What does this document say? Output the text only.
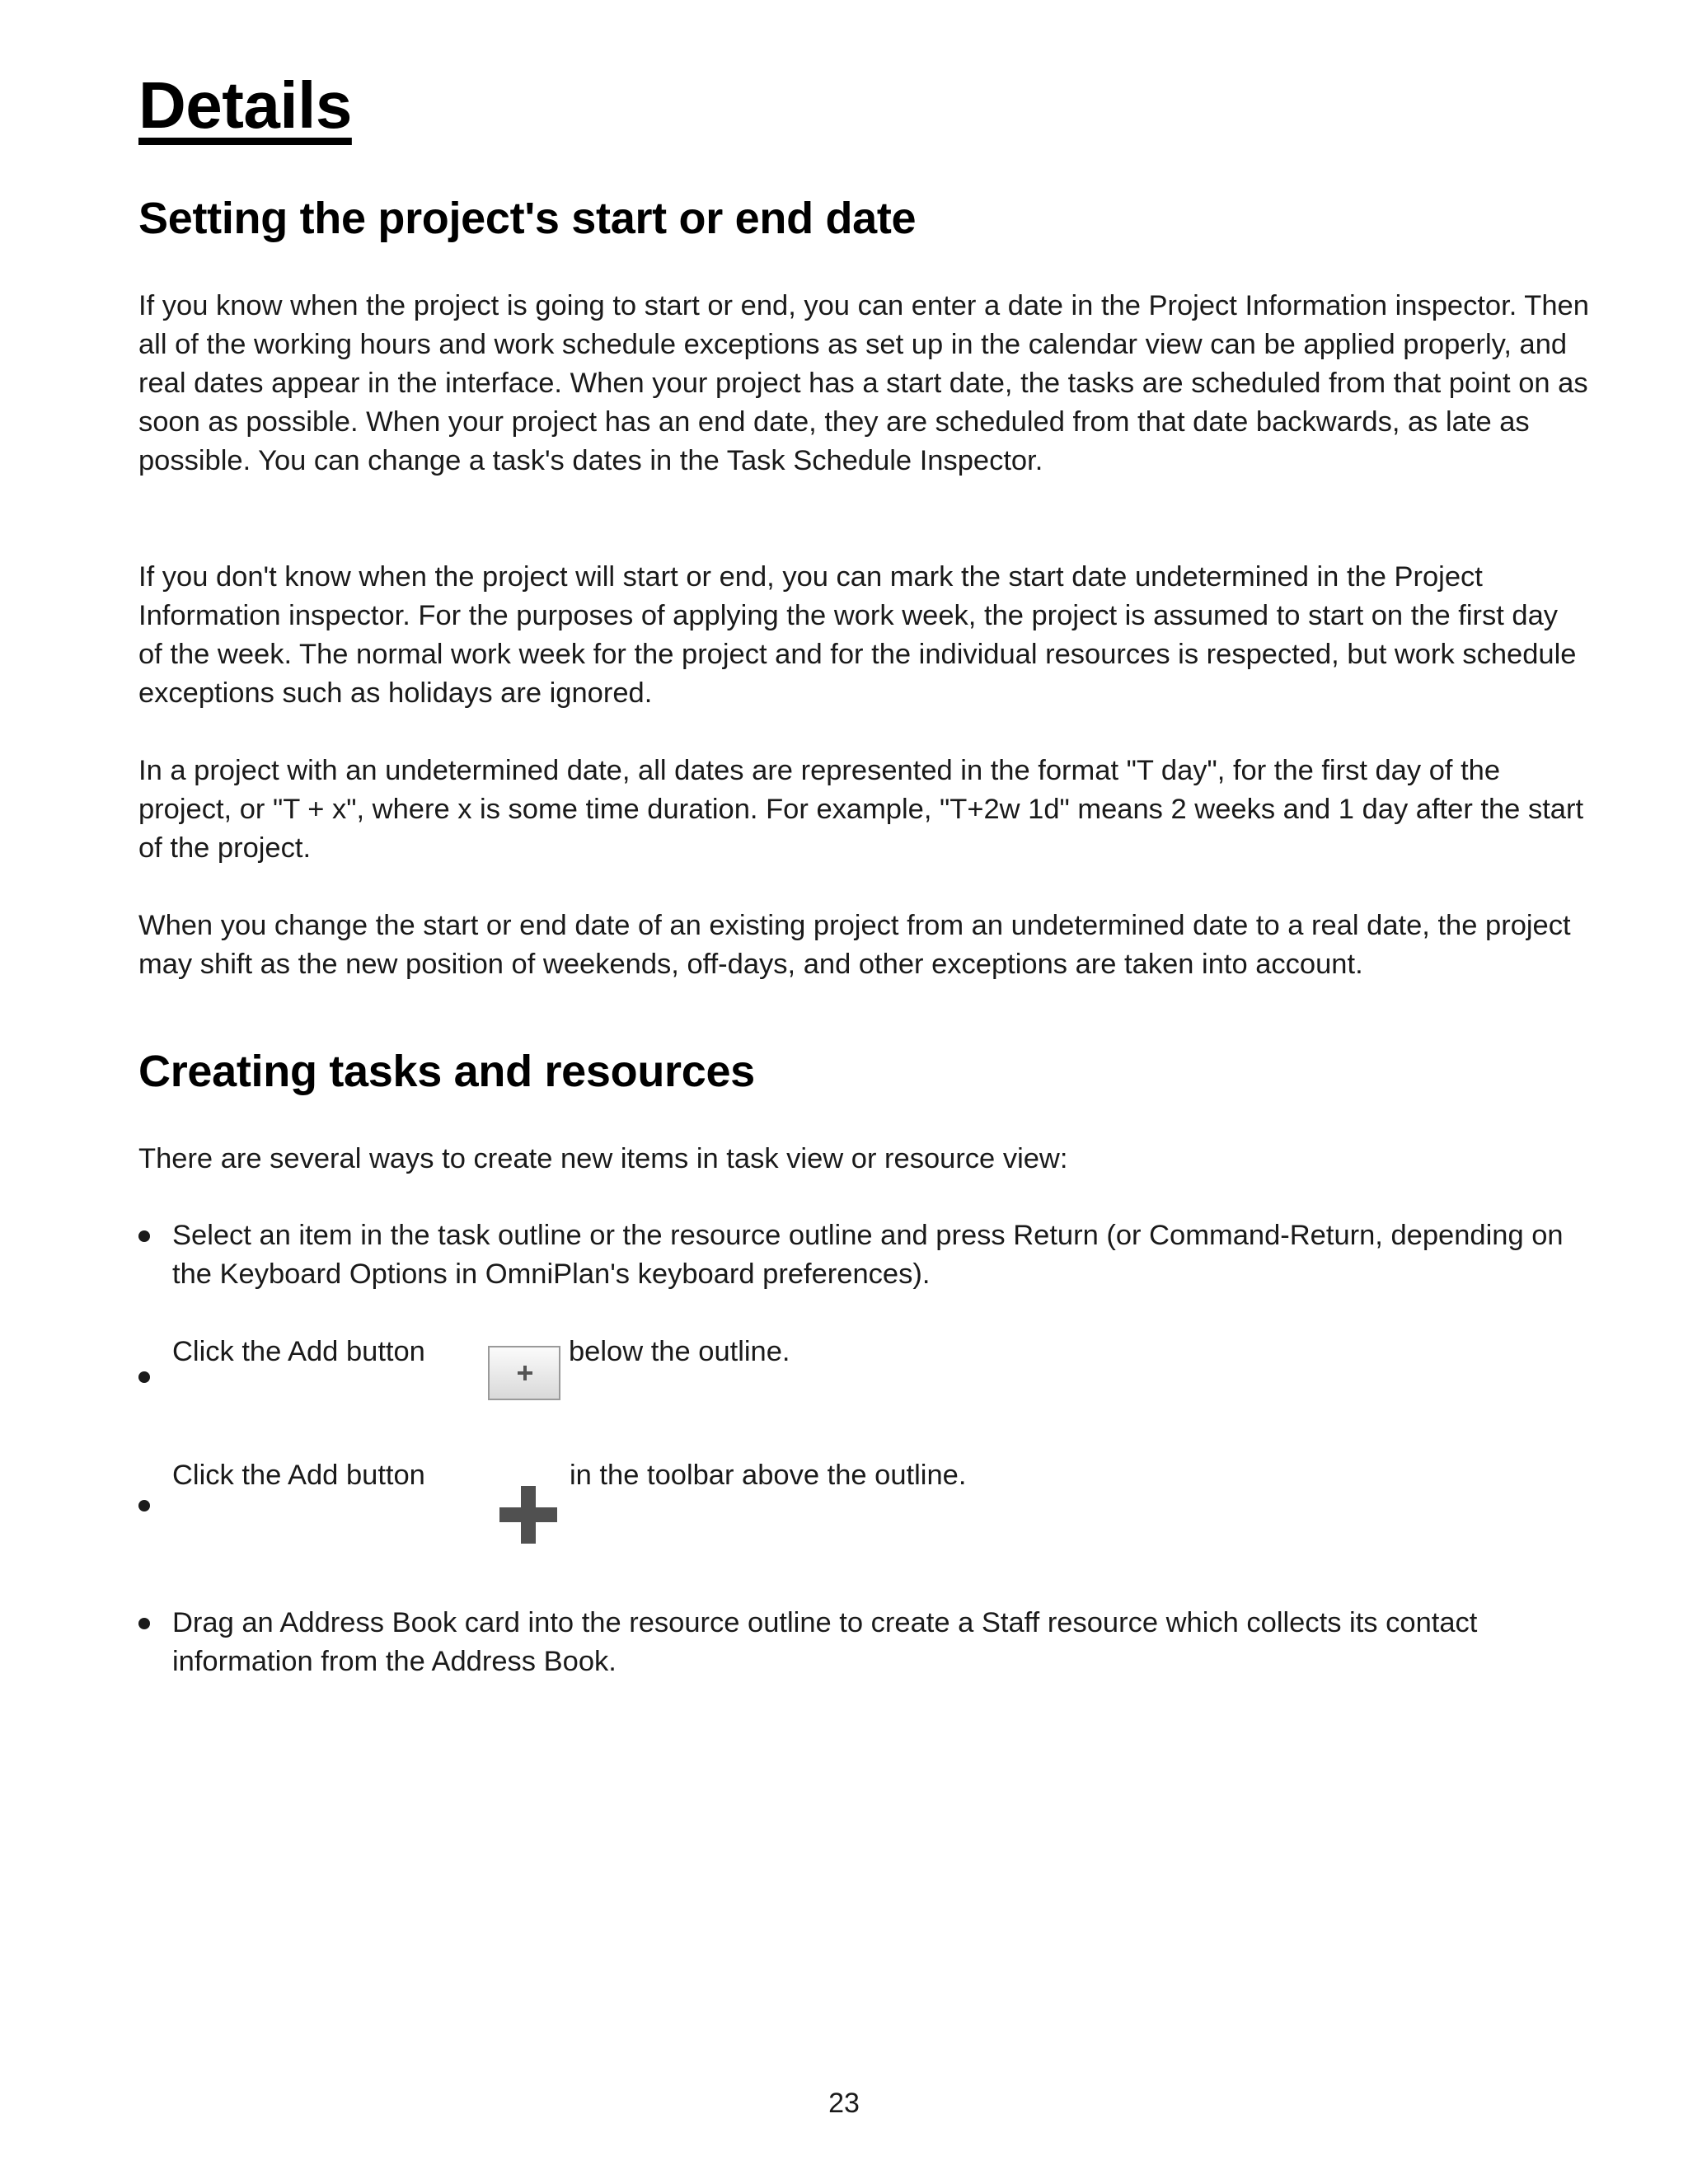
Details
Setting the project's start or end date

If you know when the project is going to start or end, you can enter a date in the Project Information inspector. Then all of the working hours and work schedule exceptions as set up in the calendar view can be applied properly, and real dates appear in the interface. When your project has a start date, the tasks are scheduled from that point on as soon as possible. When your project has an end date, they are scheduled from that date backwards, as late as possible. You can change a task's dates in the Task Schedule Inspector.

If you don't know when the project will start or end, you can mark the start date undetermined in the Project Information inspector. For the purposes of applying the work week, the project is assumed to start on the first day of the week. The normal work week for the project and for the individual resources is respected, but work schedule exceptions such as holidays are ignored.

In a project with an undetermined date, all dates are represented in the format "T day", for the first day of the project, or "T + x", where x is some time duration. For example, "T+2w 1d" means 2 weeks and 1 day after the start of the project.

When you change the start or end date of an existing project from an undetermined date to a real date, the project may shift as the new position of weekends, off-days, and other exceptions are taken into account.

Creating tasks and resources

There are several ways to create new items in task view or resource view:

Select an item in the task outline or the resource outline and press Return (or Command-Return, depending on the Keyboard Options in OmniPlan's keyboard preferences).

Click the Add button	below the outline.
Click the Add button	in the toolbar above the outline.

Drag an Address Book card into the resource outline to create a Staff resource which collects its contact information from the Address Book.

23
